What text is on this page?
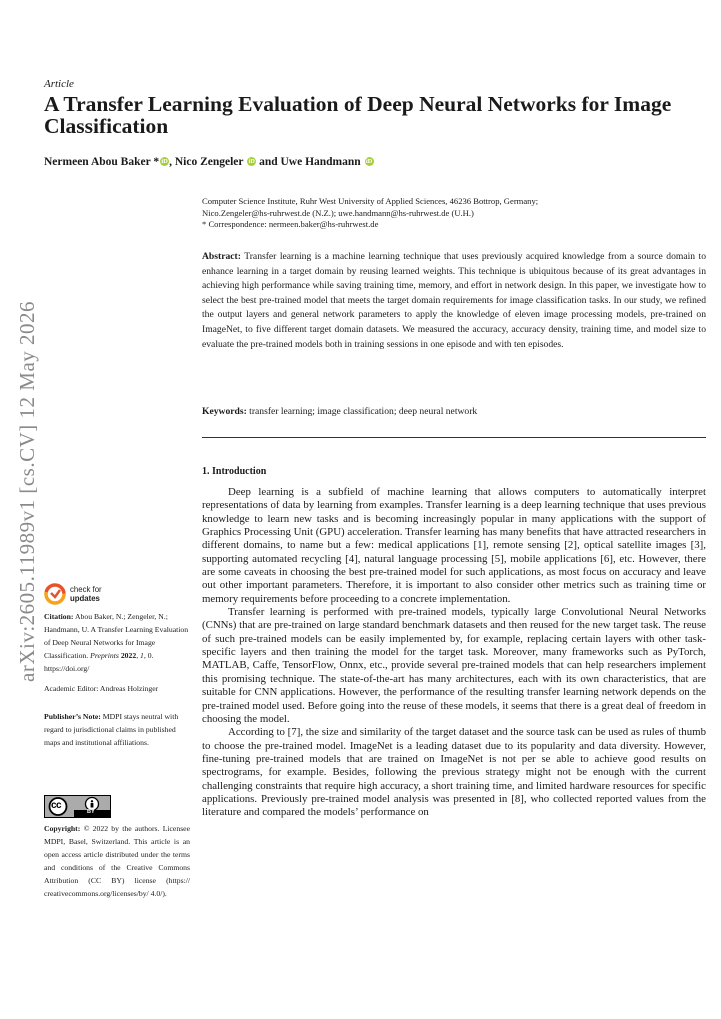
arXiv:2605.11989v1 [cs.CV] 12 May 2026
Article
A Transfer Learning Evaluation of Deep Neural Networks for Image Classification
Nermeen Abou Baker * iD, Nico Zengeler iD and Uwe Handmann iD
Computer Science Institute, Ruhr West University of Applied Sciences, 46236 Bottrop, Germany;
Nico.Zengeler@hs-ruhrwest.de (N.Z.); uwe.handmann@hs-ruhrwest.de (U.H.)
* Correspondence: nermeen.baker@hs-ruhrwest.de
Abstract: Transfer learning is a machine learning technique that uses previously acquired knowledge from a source domain to enhance learning in a target domain by reusing learned weights. This technique is ubiquitous because of its great advantages in achieving high performance while saving training time, memory, and effort in network design. In this paper, we investigate how to select the best pre-trained model that meets the target domain requirements for image classification tasks. In our study, we refined the output layers and general network parameters to apply the knowledge of eleven image processing models, pre-trained on ImageNet, to five different target domain datasets. We measured the accuracy, accuracy density, training time, and model size to evaluate the pre-trained models both in training sessions in one episode and with ten episodes.
Keywords: transfer learning; image classification; deep neural network
1. Introduction

Deep learning is a subfield of machine learning that allows computers to automatically interpret representations of data by learning from examples. Transfer learning is a deep learning technique that uses previous knowledge to learn new tasks and is becoming increasingly popular in many applications with the support of Graphics Processing Unit (GPU) acceleration. Transfer learning has many benefits that have attracted researchers in different domains, to name but a few: medical applications [1], remote sensing [2], optical satellite images [3], supporting automated recycling [4], natural language processing [5], mobile applications [6], etc. However, there are some caveats in choosing the best pre-trained model for such applications, as most focus on accuracy and leave out other important parameters. Therefore, it is important to also consider other metrics such as training time or memory requirements before proceeding to a concrete implementation.

Transfer learning is performed with pre-trained models, typically large Convolutional Neural Networks (CNNs) that are pre-trained on large standard benchmark datasets and then reused for the new target task. The reuse of such pre-trained models can be easily implemented by, for example, replacing certain layers with other task-specific layers and then training the model for the target task. Moreover, many frameworks such as PyTorch, MATLAB, Caffe, TensorFlow, Onnx, etc., provide several pre-trained models that can help researchers implement this promising technique. The state-of-the-art has many architectures, each with its own characteristics, that are suitable for CNN applications. However, the performance of the resulting transfer learning network depends on the pre-trained model used. Before going into the reuse of these models, it seems that there is a great deal of freedom in choosing the model.

According to [7], the size and similarity of the target dataset and the source task can be used as rules of thumb to choose the pre-trained model. ImageNet is a leading dataset due to its popularity and data diversity. However, fine-tuning pre-trained models that are trained on ImageNet is not per se able to achieve good results on spectrograms, for example. Besides, following the previous strategy might not be enough with the current challenging constraints that require high accuracy, a short training time, and limited hardware resources for specific applications. Previously pre-trained model analysis was presented in [8], who collected reported values from the literature and compared the models’ performance on

check for
updates

Citation: Abou Baker, N.; Zengeler, N.; Handmann, U. A Transfer Learning Evaluation of Deep Neural Networks for Image Classification. Preprints 2022, 1, 0. https://doi.org/

Academic Editor: Andreas Holzinger

Publisher’s Note: MDPI stays neutral with regard to jurisdictional claims in published maps and institutional affiliations.

cc
BY
Copyright: © 2022 by the authors. Licensee MDPI, Basel, Switzerland. This article is an open access article distributed under the terms and conditions of the Creative Commons Attribution (CC BY) license (https:// creativecommons.org/licenses/by/ 4.0/).
